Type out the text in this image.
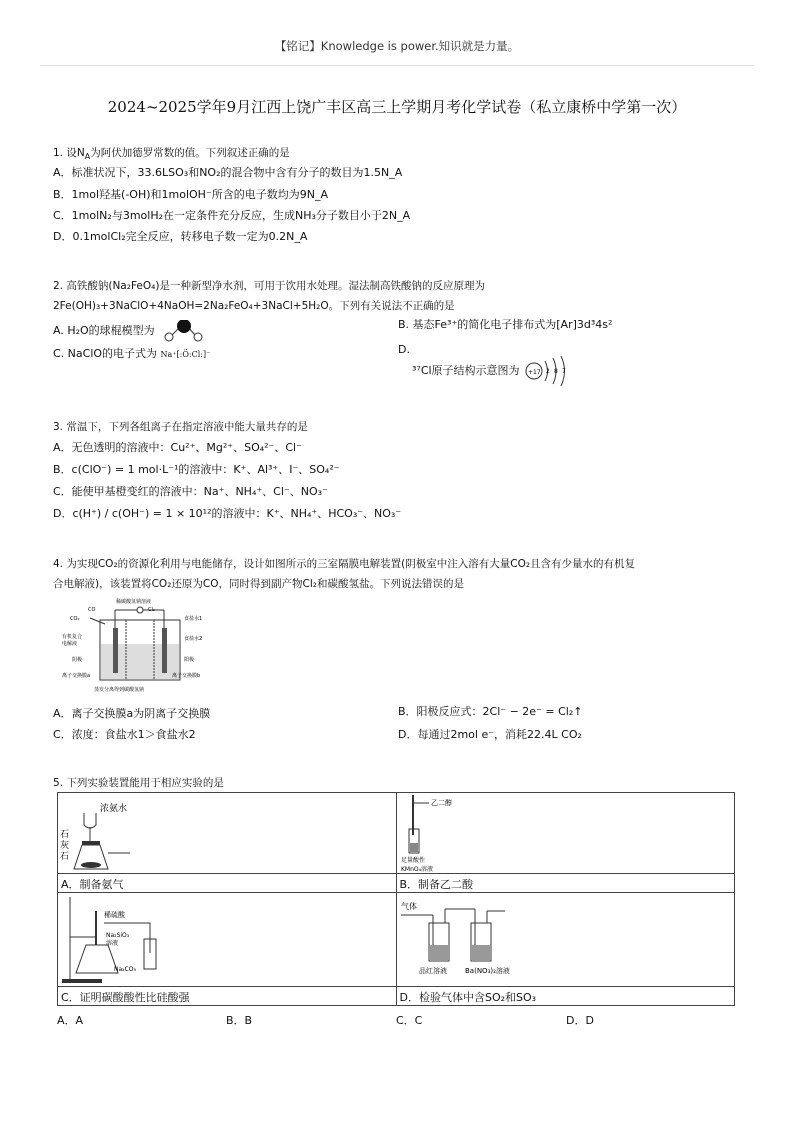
【铭记】Knowledge is power.知识就是力量。
2024~2025学年9月江西上饶广丰区高三上学期月考化学试卷（私立康桥中学第一次）
1. 设$N_A$为阿伏加德罗常数的值。下列叙述正确的是
A．标准状况下，33.6LSO₃和NO₂的混合物中含有分子的数目为1.5N_A
B．1mol羟基(-OH)和1molOH⁻所含的电子数均为9N_A
C．1molN₂与3molH₂在一定条件充分反应，生成NH₃分子数目小于2N_A
D．0.1molCl₂完全反应，转移电子数一定为0.2N_A
2. 高铁酸钠(Na₂FeO₄)是一种新型净水剂，可用于饮用水处理。湿法制高铁酸钠的反应原理为
2Fe(OH)₃+3NaClO+4NaOH=2Na₂FeO₄+3NaCl+5H₂O。下列有关说法不正确的是
A. H₂O的球棍模型为	B. 基态Fe³⁺的简化电子排布式为[Ar]3d³4s²
C. NaClO的电子式为 Na⁺[:Ö:Cl:]⁻	D.
³⁷Cl原子结构示意图为 +17 2 8 7
3. 常温下，下列各组离子在指定溶液中能大量共存的是
A．无色透明的溶液中：Cu²⁺、Mg²⁺、SO₄²⁻、Cl⁻
B．c(ClO⁻) = 1 mol·L⁻¹的溶液中：K⁺、Al³⁺、I⁻、SO₄²⁻
C．能使甲基橙变红的溶液中：Na⁺、NH₄⁺、Cl⁻、NO₃⁻
D．c(H⁺) / c(OH⁻) = 1 × 10¹²的溶液中：K⁺、NH₄⁺、HCO₃⁻、NO₃⁻
4. 为实现CO₂的资源化利用与电能储存，设计如图所示的三室隔膜电解装置(阴极室中注入溶有大量CO₂且含有少量水的有机复
合电解液)，该装置将CO₂还原为CO，同时得到副产物Cl₂和碳酸氢盐。下列说法错误的是
CO
CO₂
稀碳酸氢钠溶液
Cl₂
食盐水1
食盐水2
有机复合
电解液
阴极	阳极
离子交换膜a	离子交换膜b
蒸发分离得到碳酸氢钠
A．离子交换膜a为阴离子交换膜	B．阳极反应式：2Cl⁻ − 2e⁻ = Cl₂↑
C．浓度：食盐水1＞食盐水2	D．每通过2mol e⁻，消耗22.4L CO₂
5. 下列实验装置能用于相应实验的是
浓氨水
石
灰
石	乙二醇
足量酸性
KMnO₄溶液

A．制备氨气	B．制备乙二酸

稀硫酸
Na₂SiO₃
溶液
Na₂CO₃	气体
品红溶液 Ba(NO₃)₂溶液

C．证明碳酸酸性比硅酸强	D．检验气体中含SO₂和SO₃
A．A	B．B	C．C	D．D
